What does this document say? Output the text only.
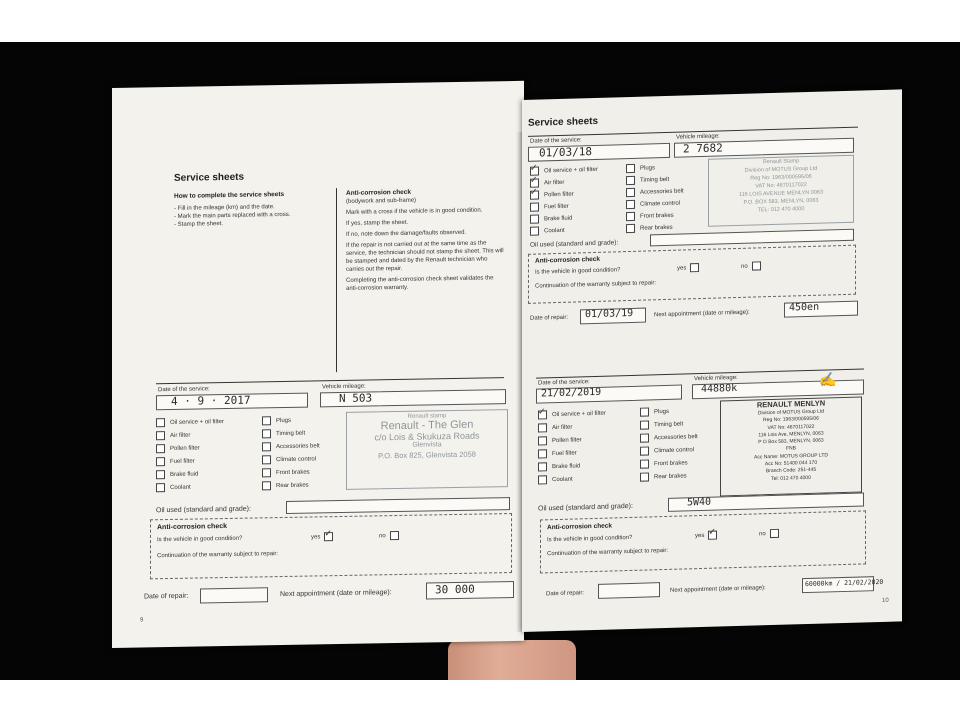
Service sheets
How to complete the service sheets
- Fill in the mileage (km) and the date.
- Mark the main parts replaced with a cross.
- Stamp the sheet.
Anti-corrosion check
(bodywork and sub-frame)
Mark with a cross if the vehicle is in good condition.
If yes, stamp the sheet.
If no, note down the damage/faults observed.
If the repair is not carried out at the same time as the service, the technician should not stamp the sheet. This will be stamped and dated by the Renault technician who carries out the repair.
Completing the anti-corrosion check sheet validates the anti-corrosion warranty.
Date of the service:
4 · 9 · 2017
Vehicle mileage:
N 503
Oil service + oil filter
Air filter
Pollen filter
Fuel filter
Brake fluid
Coolant
Plugs
Timing belt
Accessories belt
Climate control
Front brakes
Rear brakes
Renault stamp
Renault - The Glen
c/o Lois & Skukuza Roads
Glenvista
P.O. Box 825, Glenvista 2058
Oil used (standard and grade):
Anti-corrosion check
Is the vehicle in good condition?	yes ✓	no
Continuation of the warranty subject to repair:
Date of repair:	Next appointment (date or mileage):	30 000
9
Service sheets
Date of the service:
01/03/18
Vehicle mileage:
2 7682
✓
Oil service + oil filter
✓
Air filter
✓
Pollen filter
Fuel filter
Brake fluid
Coolant
Plugs
Timing belt
Accessories belt
Climate control
Front brakes
Rear brakes
Renault Stamp
Division of MOTUS Group Ltd
Reg No: 1963/000595/06
VAT No: 4670117022
116 LOIS AVENUE MENLYN 0063
P.O. BOX 583, MENLYN, 0063
TEL: 012 470 4000
Oil used (standard and grade):
Anti-corrosion check
Is the vehicle in good condition?	yes	no
Continuation of the warranty subject to repair:
Date of repair: 01/03/19	Next appointment (date or mileage):
450en
Date of the service:
21/02/2019
Vehicle mileage:
44880k
✍
✓
Oil service + oil filter
Air filter
Pollen filter
Fuel filter
Brake fluid
Coolant
Plugs
Timing belt
Accessories belt
Climate control
Front brakes
Rear brakes
RENAULT MENLYN
Division of MOTUS Group Ltd
Reg No: 1963/000595/06
VAT No: 4670117022
116 Lois Ave, MENLYN, 0063
P O Box 583, MENLYN, 0063
FNB
Acc Name: MOTUS GROUP LTD
Acc No: 51400 044 170
Branch Code: 251-445
Tel: 012 470 4000
Oil used (standard and grade):	5W40
Anti-corrosion check
Is the vehicle in good condition?	yes ✓	no
Continuation of the warranty subject to repair:
Date of repair:	Next appointment (date or mileage):
60000km / 21/02/2020
10
